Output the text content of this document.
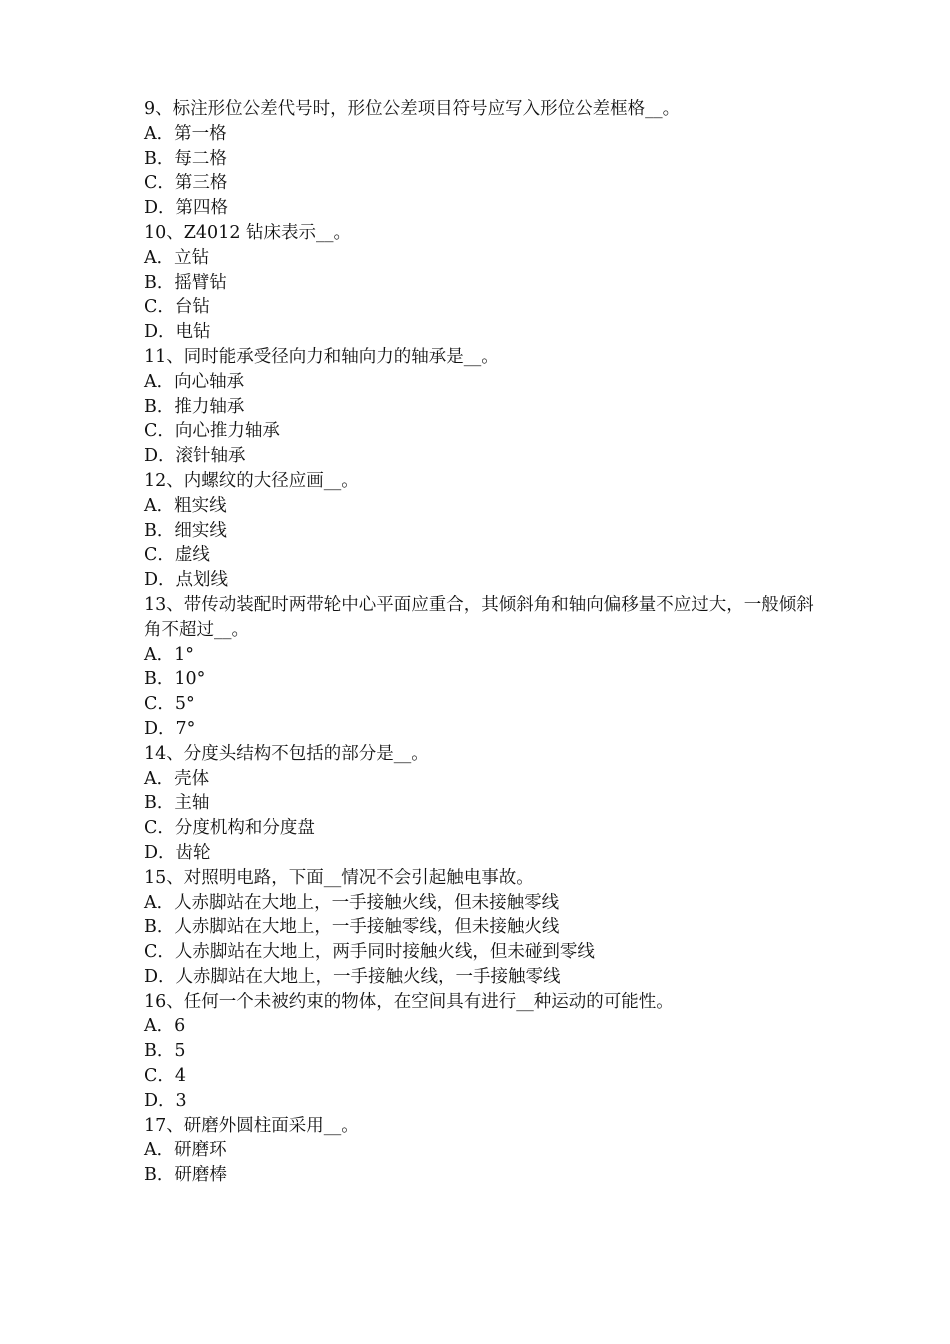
9、标注形位公差代号时，形位公差项目符号应写入形位公差框格__。
A．第一格
B．每二格
C．第三格
D．第四格
10、Z4012 钻床表示__。
A．立钻
B．摇臂钻
C．台钻
D．电钻
11、同时能承受径向力和轴向力的轴承是__。
A．向心轴承
B．推力轴承
C．向心推力轴承
D．滚针轴承
12、内螺纹的大径应画__。
A．粗实线
B．细实线
C．虚线
D．点划线
13、带传动装配时两带轮中心平面应重合，其倾斜角和轴向偏移量不应过大，一般倾斜角不超过__。
A．1°
B．10°
C．5°
D．7°
14、分度头结构不包括的部分是__。
A．壳体
B．主轴
C．分度机构和分度盘
D．齿轮
15、对照明电路，下面__情况不会引起触电事故。
A．人赤脚站在大地上，一手接触火线，但未接触零线
B．人赤脚站在大地上，一手接触零线，但未接触火线
C．人赤脚站在大地上，两手同时接触火线，但未碰到零线
D．人赤脚站在大地上，一手接触火线，一手接触零线
16、任何一个未被约束的物体，在空间具有进行__种运动的可能性。
A．6
B．5
C．4
D．3
17、研磨外圆柱面采用__。
A．研磨环
B．研磨棒
